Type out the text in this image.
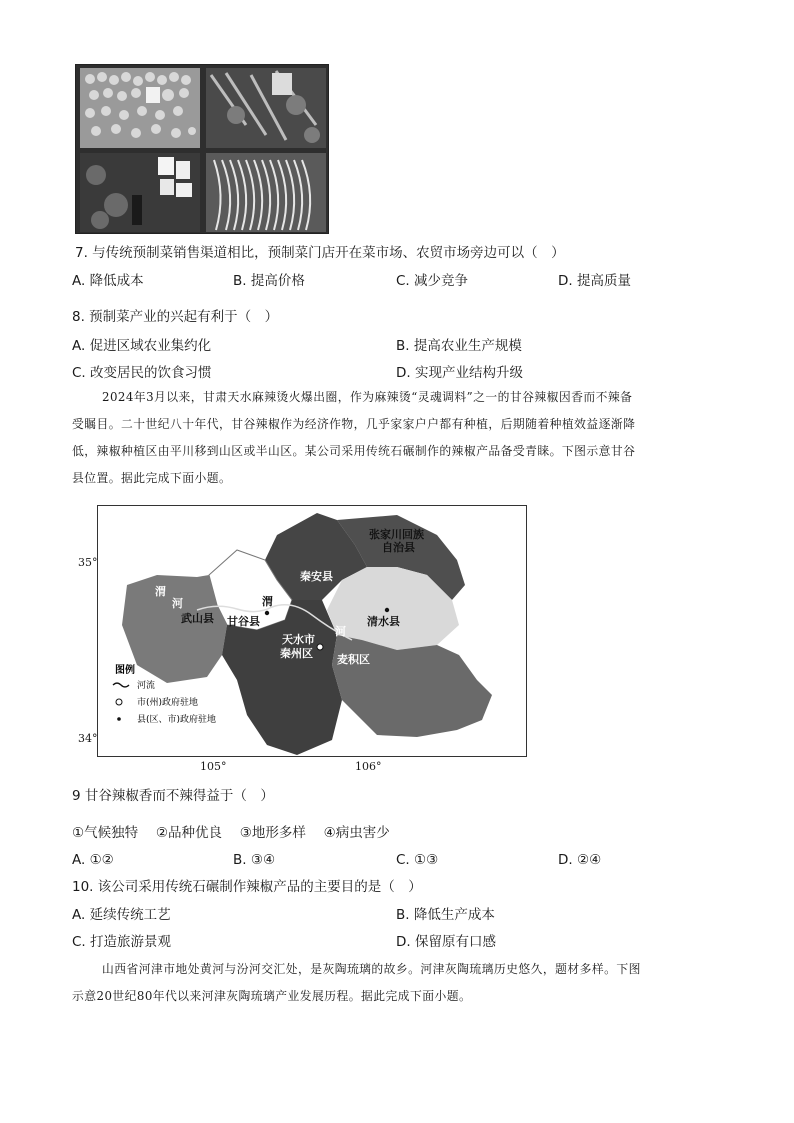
7. 与传统预制菜销售渠道相比，预制菜门店开在菜市场、农贸市场旁边可以（　）
A. 降低成本	B. 提高价格	C. 减少竞争	D. 提高质量
8. 预制菜产业的兴起有利于（　）
A. 促进区域农业集约化	B. 提高农业生产规模
C. 改变居民的饮食习惯	D. 实现产业结构升级
2024年3月以来，甘肃天水麻辣烫火爆出圈，作为麻辣烫“灵魂调料”之一的甘谷辣椒因香而不辣备
受瞩目。二十世纪八十年代，甘谷辣椒作为经济作物，几乎家家户户都有种植，后期随着种植效益逐渐降
低，辣椒种植区由平川移到山区或半山区。某公司采用传统石碾制作的辣椒产品备受青睐。下图示意甘谷
县位置。据此完成下面小题。
张家川回族
自治县
秦安县
清水县
武山县 甘谷县
天水市
秦州区 麦积区
渭
河	渭
河
图例
河流
市(州)政府驻地
县(区、市)政府驻地
35°
34°
105°	106°
9 甘谷辣椒香而不辣得益于（　）
①气候独特　 ②品种优良　 ③地形多样　 ④病虫害少
A. ①②	B. ③④	C. ①③	D. ②④
10. 该公司采用传统石碾制作辣椒产品的主要目的是（　）
A. 延续传统工艺	B. 降低生产成本
C. 打造旅游景观	D. 保留原有口感
山西省河津市地处黄河与汾河交汇处，是灰陶琉璃的故乡。河津灰陶琉璃历史悠久，题材多样。下图
示意20世纪80年代以来河津灰陶琉璃产业发展历程。据此完成下面小题。
